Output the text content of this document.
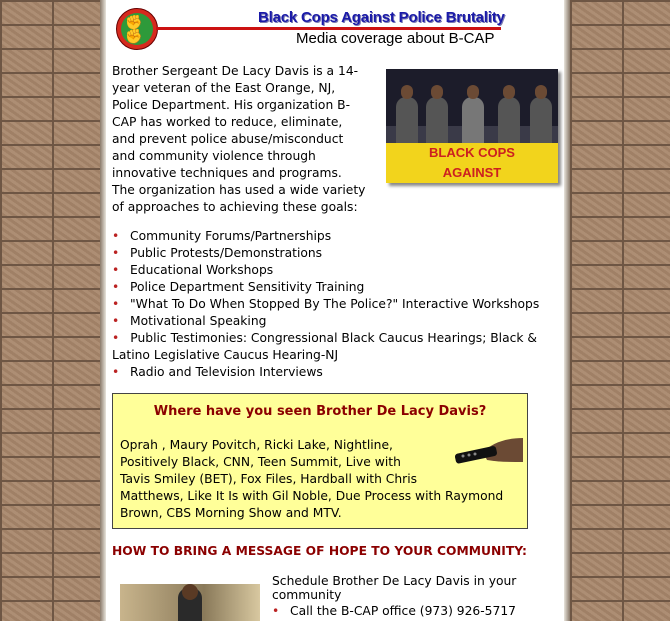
✊✊
Black Cops Against Police Brutality
Media coverage about B-CAP
Brother Sergeant De Lacy Davis is a 14-year veteran of the East Orange, NJ, Police Department. His organization B-CAP has worked to reduce, eliminate, and prevent police abuse/misconduct and community violence through innovative techniques and programs. The organization has used a wide variety of approaches to achieving these goals:
BLACK COPS
AGAINST
• Community Forums/Partnerships
• Public Protests/Demonstrations
• Educational Workshops
• Police Department Sensitivity Training
• "What To Do When Stopped By The Police?" Interactive Workshops
• Motivational Speaking
• Public Testimonies: Congressional Black Caucus Hearings; Black & Latino Legislative Caucus Hearing-NJ
• Radio and Television Interviews
Where have you seen Brother De Lacy Davis?
Oprah , Maury Povitch, Ricki Lake, Nightline, Positively Black, CNN, Teen Summit, Live with Tavis Smiley (BET), Fox Files, Hardball with Chris Matthews, Like It Is with Gil Noble, Due Process with Raymond Brown, CBS Morning Show and MTV.
HOW TO BRING A MESSAGE OF HOPE TO YOUR COMMUNITY:
Schedule Brother De Lacy Davis in your community
• Call the B-CAP office (973) 926-5717
